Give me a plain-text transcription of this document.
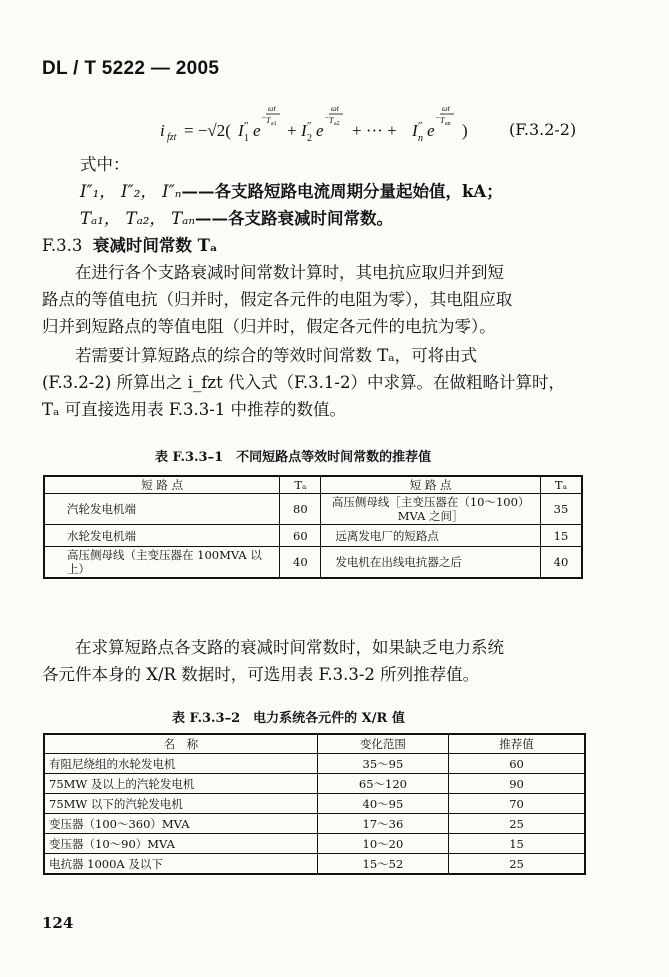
DL / T 5222 — 2005
i fzt = −√2( I ″
1 e
−
ωt
T a1 + I ″
2 e
−
ωt
T a2 + ··· + I ″
n e
−
ωt
T an )	(F.3.2-2)
式中：
I″₁， I″₂， I″ₙ——各支路短路电流周期分量起始值，kA；
Tₐ₁， Tₐ₂， Tₐₙ——各支路衰减时间常数。
F.3.3 衰减时间常数 Tₐ
在进行各个支路衰减时间常数计算时，其电抗应取归并到短
路点的等值电抗（归并时，假定各元件的电阻为零），其电阻应取
归并到短路点的等值电阻（归并时，假定各元件的电抗为零）。
若需要计算短路点的综合的等效时间常数 Tₐ，可将由式
(F.3.2-2) 所算出之 i_fzt 代入式（F.3.1-2）中求算。在做粗略计算时，
Tₐ 可直接选用表 F.3.3-1 中推荐的数值。
表 F.3.3–1　不同短路点等效时间常数的推荐值
短 路 点	Tₐ	短 路 点	Tₐ
汽轮发电机端	80	高压侧母线［主变压器在（10～100）MVA 之间］	35
水轮发电机端	60	远离发电厂的短路点	15
高压侧母线（主变压器在 100MVA 以上）	40	发电机在出线电抗器之后	40
在求算短路点各支路的衰减时间常数时，如果缺乏电力系统
各元件本身的 X/R 数据时，可选用表 F.3.3-2 所列推荐值。
表 F.3.3–2　电力系统各元件的 X/R 值
名　称	变化范围	推荐值
有阻尼绕组的水轮发电机	35～95	60
75MW 及以上的汽轮发电机	65～120	90
75MW 以下的汽轮发电机	40～95	70
变压器（100～360）MVA	17～36	25
变压器（10～90）MVA	10～20	15
电抗器 1000A 及以下	15～52	25
124
